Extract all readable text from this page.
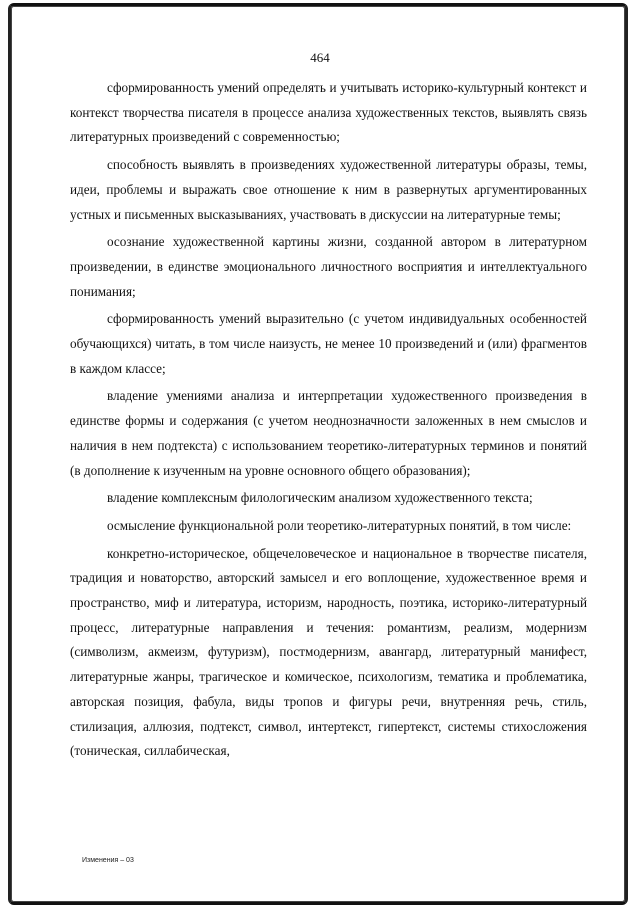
464

сформированность умений определять и учитывать историко-культурный контекст и контекст творчества писателя в процессе анализа художественных текстов, выявлять связь литературных произведений с современностью;

способность выявлять в произведениях художественной литературы образы, темы, идеи, проблемы и выражать свое отношение к ним в развернутых аргументированных устных и письменных высказываниях, участвовать в дискуссии на литературные темы;

осознание художественной картины жизни, созданной автором в литературном произведении, в единстве эмоционального личностного восприятия и интеллектуального понимания;

сформированность умений выразительно (с учетом индивидуальных особенностей обучающихся) читать, в том числе наизусть, не менее 10 произведений и (или) фрагментов в каждом классе;

владение умениями анализа и интерпретации художественного произведения в единстве формы и содержания (с учетом неоднозначности заложенных в нем смыслов и наличия в нем подтекста) с использованием теоретико-литературных терминов и понятий (в дополнение к изученным на уровне основного общего образования);

владение комплексным филологическим анализом художественного текста;

осмысление функциональной роли теоретико-литературных понятий, в том числе:

конкретно-историческое, общечеловеческое и национальное в творчестве писателя, традиция и новаторство, авторский замысел и его воплощение, художественное время и пространство, миф и литература, историзм, народность, поэтика, историко-литературный процесс, литературные направления и течения: романтизм, реализм, модернизм (символизм, акмеизм, футуризм), постмодернизм, авангард, литературный манифест, литературные жанры, трагическое и комическое, психологизм, тематика и проблематика, авторская позиция, фабула, виды тропов и фигуры речи, внутренняя речь, стиль, стилизация, аллюзия, подтекст, символ, интертекст, гипертекст, системы стихосложения (тоническая, силлабическая,

Изменения – 03
